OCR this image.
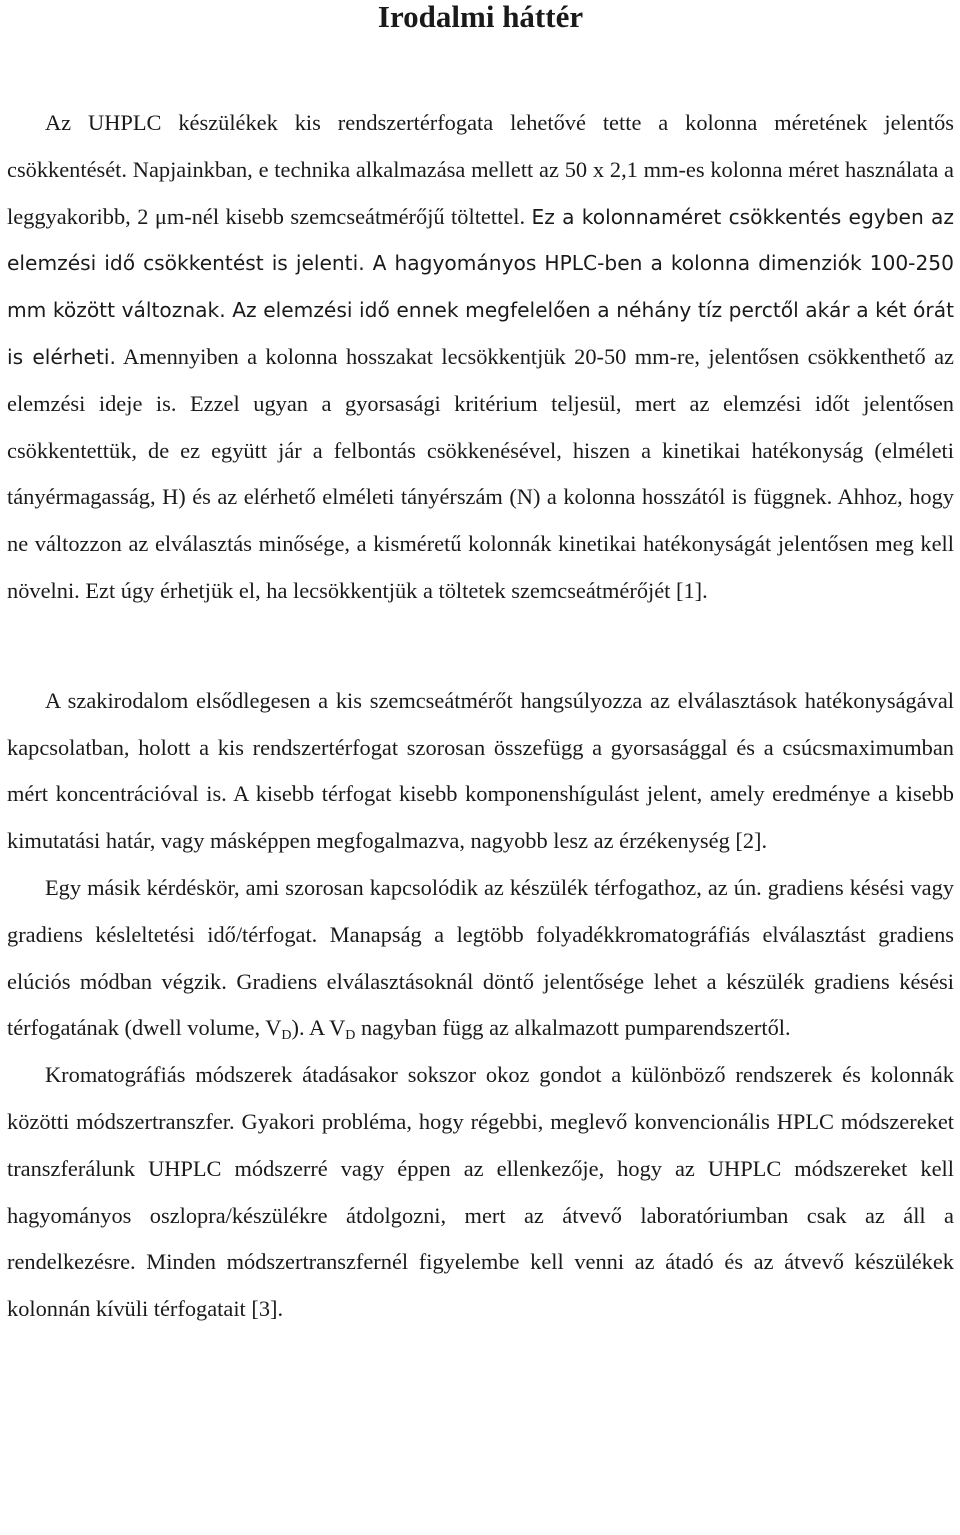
Irodalmi háttér

Az UHPLC készülékek kis rendszertérfogata lehetővé tette a kolonna méretének jelentős csökkentését. Napjainkban, e technika alkalmazása mellett az 50 x 2,1 mm-es kolonna méret használata a leggyakoribb, 2 μm-nél kisebb szemcseátmérőjű töltettel. Ez a kolonnaméret csökkentés egyben az elemzési idő csökkentést is jelenti. A hagyományos HPLC-ben a kolonna dimenziók 100-250 mm között változnak. Az elemzési idő ennek megfelelően a néhány tíz perctől akár a két órát is elérheti. Amennyiben a kolonna hosszakat lecsökkentjük 20-50 mm-re, jelentősen csökkenthető az elemzési ideje is. Ezzel ugyan a gyorsasági kritérium teljesül, mert az elemzési időt jelentősen csökkentettük, de ez együtt jár a felbontás csökkenésével, hiszen a kinetikai hatékonyság (elméleti tányérmagasság, H) és az elérhető elméleti tányérszám (N) a kolonna hosszától is függnek. Ahhoz, hogy ne változzon az elválasztás minősége, a kisméretű kolonnák kinetikai hatékonyságát jelentősen meg kell növelni. Ezt úgy érhetjük el, ha lecsökkentjük a töltetek szemcseátmérőjét [1].

A szakirodalom elsődlegesen a kis szemcseátmérőt hangsúlyozza az elválasztások hatékonyságával kapcsolatban, holott a kis rendszertérfogat szorosan összefügg a gyorsasággal és a csúcsmaximumban mért koncentrációval is. A kisebb térfogat kisebb komponenshígulást jelent, amely eredménye a kisebb kimutatási határ, vagy másképpen megfogalmazva, nagyobb lesz az érzékenység [2].

Egy másik kérdéskör, ami szorosan kapcsolódik az készülék térfogathoz, az ún. gradiens késési vagy gradiens késleltetési idő/térfogat. Manapság a legtöbb folyadékkromatográfiás elválasztást gradiens elúciós módban végzik. Gradiens elválasztásoknál döntő jelentősége lehet a készülék gradiens késési térfogatának (dwell volume, $V_D$). A $V_D$ nagyban függ az alkalmazott pumparendszertől.

Kromatográfiás módszerek átadásakor sokszor okoz gondot a különböző rendszerek és kolonnák közötti módszertranszfer. Gyakori probléma, hogy régebbi, meglevő konvencionális HPLC módszereket transzferálunk UHPLC módszerré vagy éppen az ellenkezője, hogy az UHPLC módszereket kell hagyományos oszlopra/készülékre átdolgozni, mert az átvevő laboratóriumban csak az áll a rendelkezésre. Minden módszertranszfernél figyelembe kell venni az átadó és az átvevő készülékek kolonnán kívüli térfogatait [3].
